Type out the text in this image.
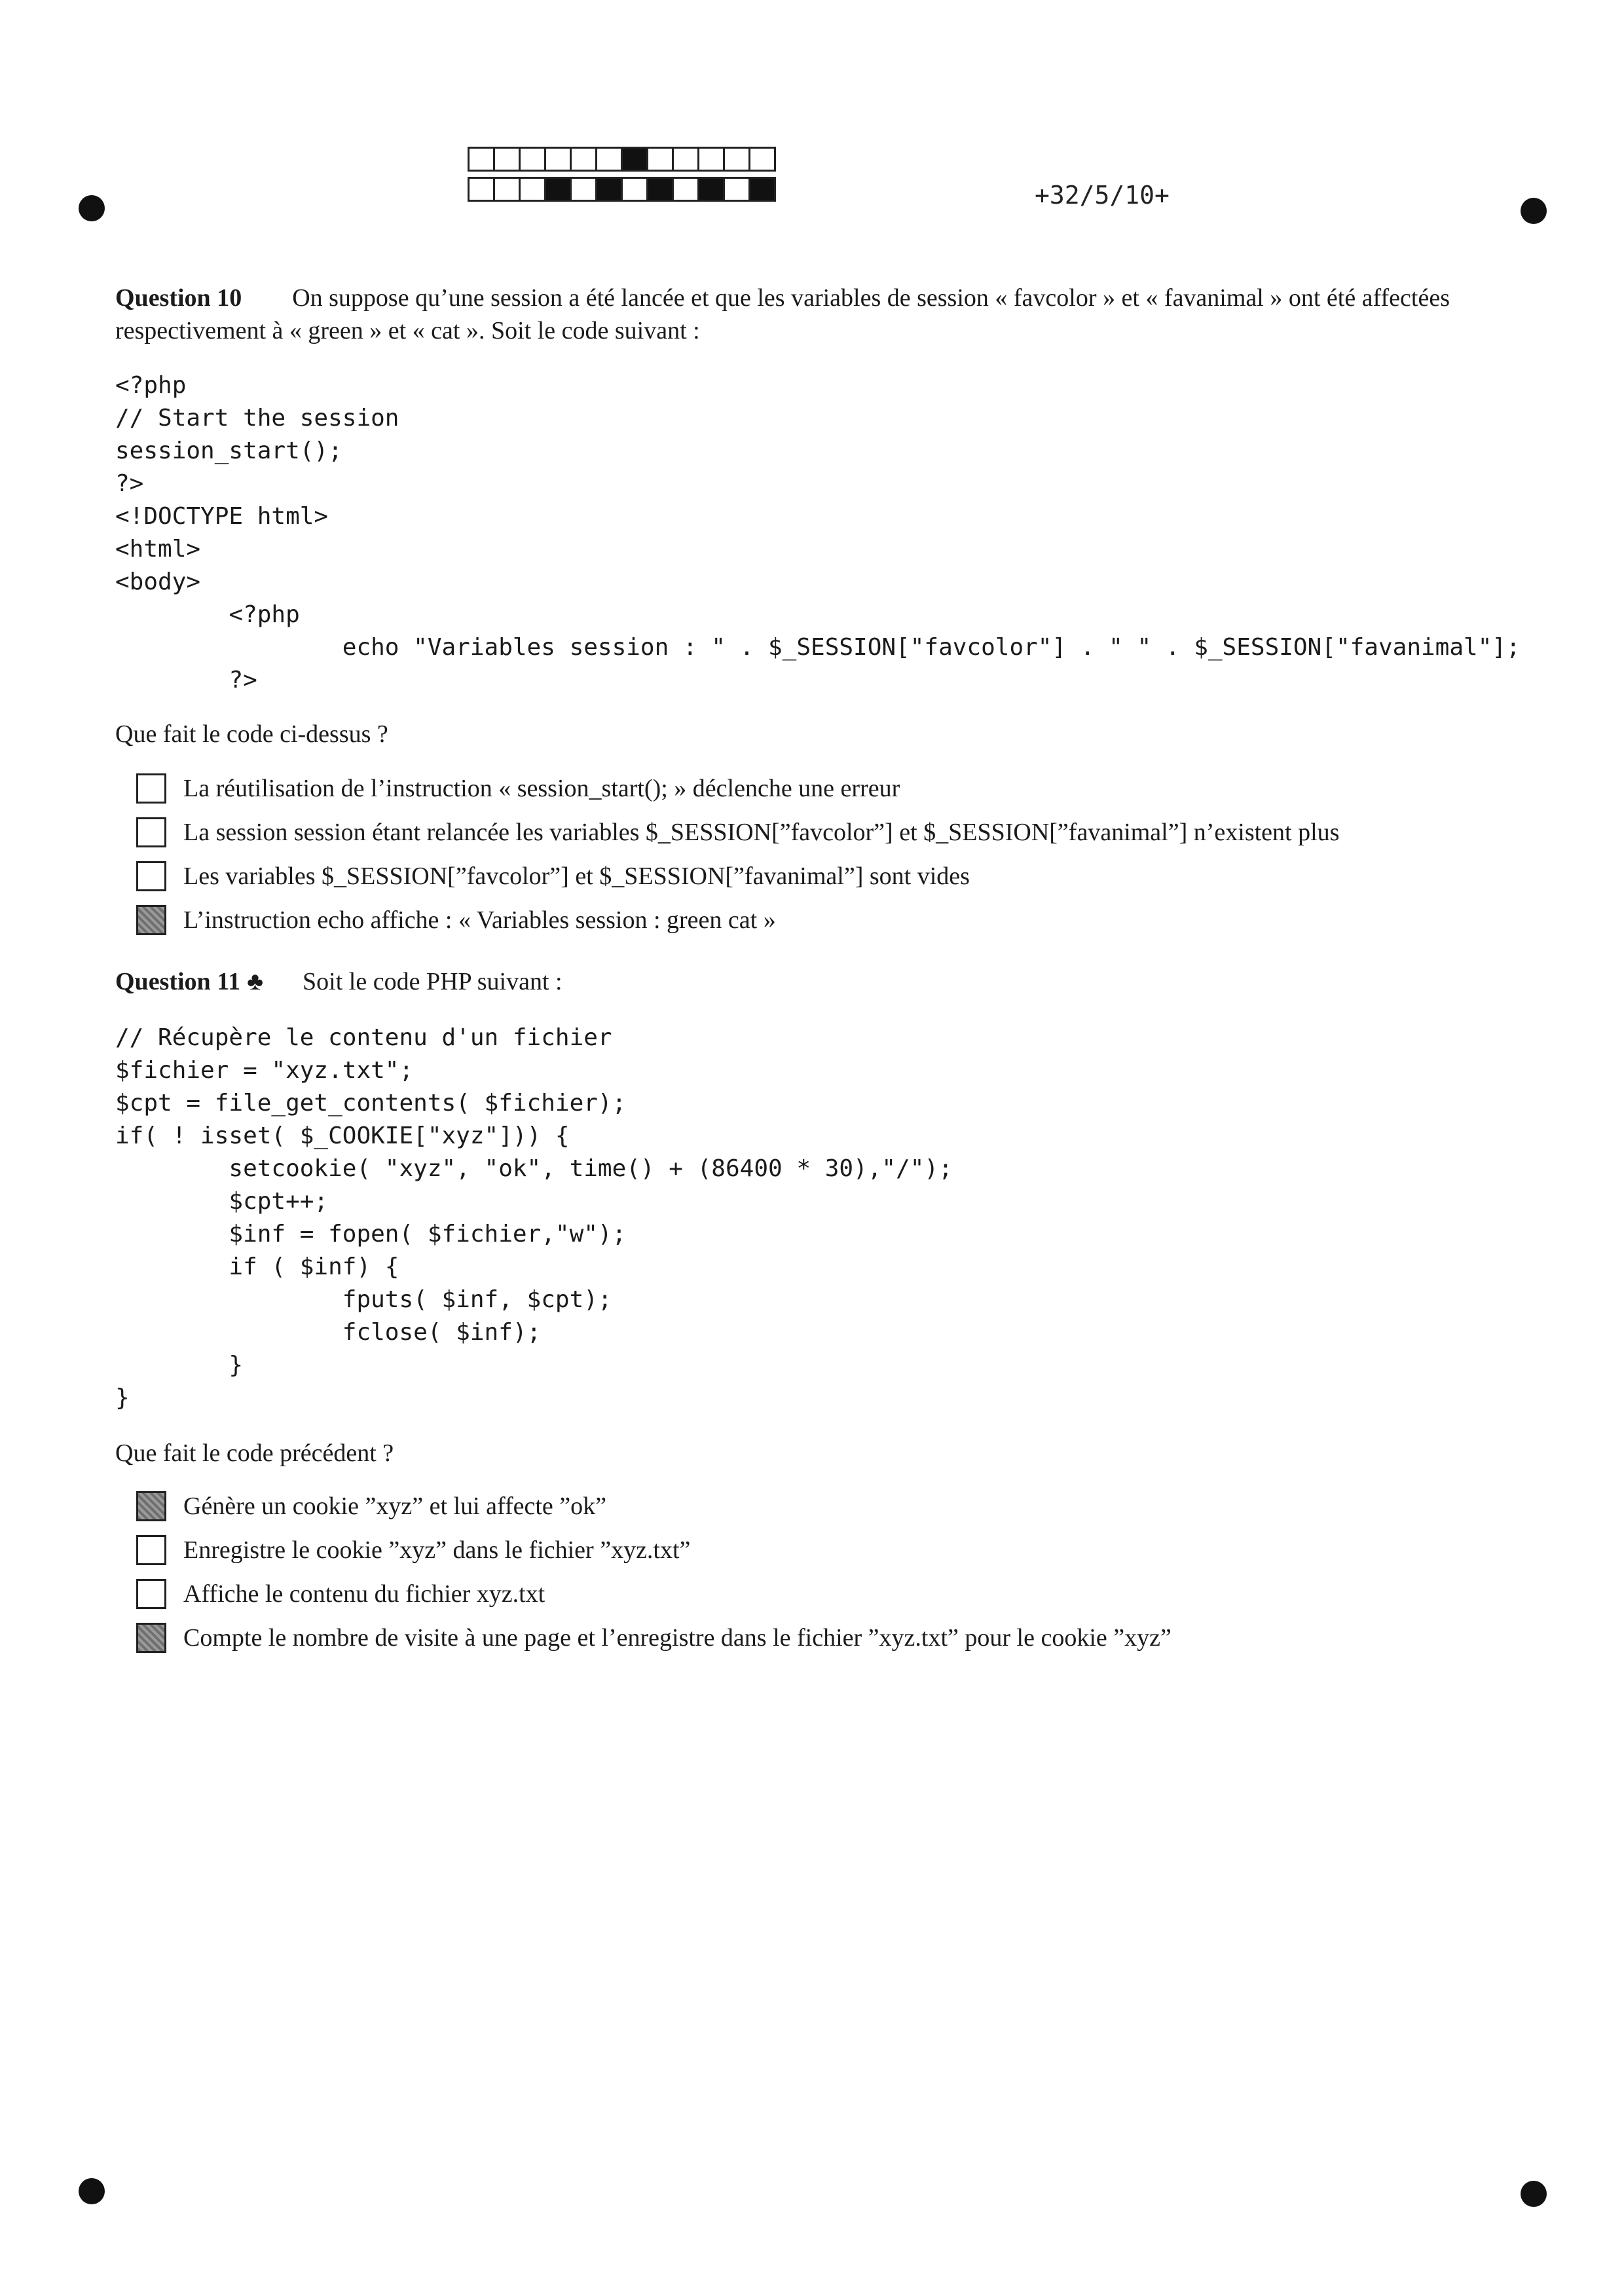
+32/5/10+
Question 10 On suppose qu’une session a été lancée et que les variables de session « favcolor » et « favanimal » ont été affectées respectivement à « green » et « cat ». Soit le code suivant :
<?php
// Start the session
session_start();
?>
<!DOCTYPE html>
<html>
<body>
<?php
echo "Variables session : " . $_SESSION["favcolor"] . " " . $_SESSION["favanimal"];
?>
Que fait le code ci-dessus ?
La réutilisation de l’instruction « session_start(); » déclenche une erreur
La session session étant relancée les variables $_SESSION[”favcolor”] et $_SESSION[”favanimal”] n’existent plus
Les variables $_SESSION[”favcolor”] et $_SESSION[”favanimal”] sont vides
L’instruction echo affiche : « Variables session : green cat »
Question 11 ♣ Soit le code PHP suivant :
// Récupère le contenu d'un fichier
$fichier = "xyz.txt";
$cpt = file_get_contents( $fichier);
if( ! isset( $_COOKIE["xyz"])) {
setcookie( "xyz", "ok", time() + (86400 * 30),"/");
$cpt++;
$inf = fopen( $fichier,"w");
if ( $inf) {
fputs( $inf, $cpt);
fclose( $inf);
}
}
Que fait le code précédent ?
Génère un cookie ”xyz” et lui affecte ”ok”
Enregistre le cookie ”xyz” dans le fichier ”xyz.txt”
Affiche le contenu du fichier xyz.txt
Compte le nombre de visite à une page et l’enregistre dans le fichier ”xyz.txt” pour le cookie ”xyz”
